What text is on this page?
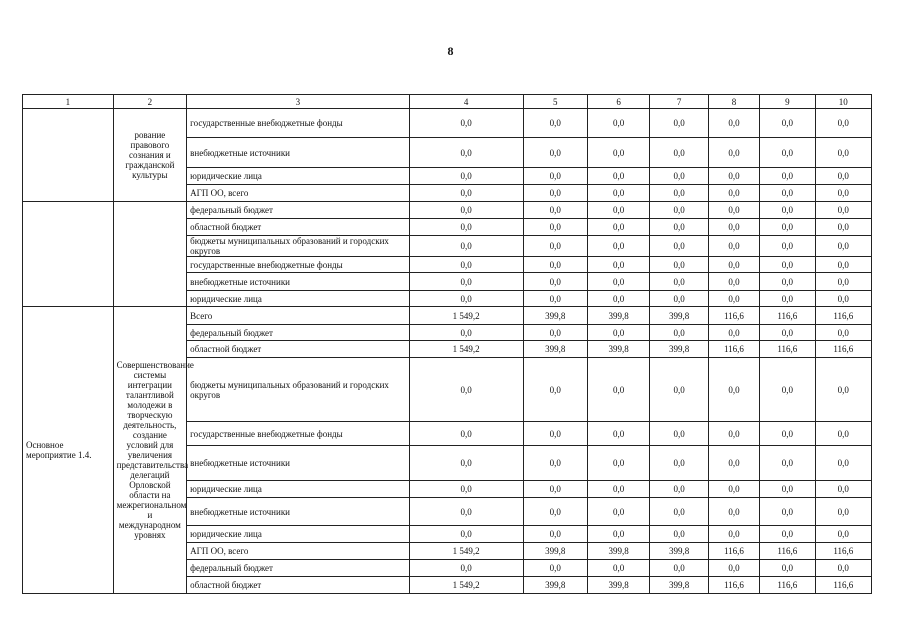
8
1	2	3	4	5	6	7	8	9	10
	рование правового сознания и гражданской культуры	государственные внебюджетные фонды	0,0	0,0	0,0	0,0	0,0	0,0	0,0
		внебюджетные источники	0,0	0,0	0,0	0,0	0,0	0,0	0,0
		юридические лица	0,0	0,0	0,0	0,0	0,0	0,0	0,0
		АГП ОО, всего	0,0	0,0	0,0	0,0	0,0	0,0	0,0
		федеральный бюджет	0,0	0,0	0,0	0,0	0,0	0,0	0,0
		областной бюджет	0,0	0,0	0,0	0,0	0,0	0,0	0,0
		бюджеты муниципальных образований и городских округов	0,0	0,0	0,0	0,0	0,0	0,0	0,0
		государственные внебюджетные фонды	0,0	0,0	0,0	0,0	0,0	0,0	0,0
		внебюджетные источники	0,0	0,0	0,0	0,0	0,0	0,0	0,0
		юридические лица	0,0	0,0	0,0	0,0	0,0	0,0	0,0
Основное мероприятие 1.4.	Совершенствование системы интеграции талантливой молодежи в творческую деятельность, создание условий для увеличения представительства делегаций Орловской области на межрегиональном и международном уровнях	Всего	1 549,2	399,8	399,8	399,8	116,6	116,6	116,6
		федеральный бюджет	0,0	0,0	0,0	0,0	0,0	0,0	0,0
		областной бюджет	1 549,2	399,8	399,8	399,8	116,6	116,6	116,6
		бюджеты муниципальных образований и городских округов	0,0	0,0	0,0	0,0	0,0	0,0	0,0
		государственные внебюджетные фонды	0,0	0,0	0,0	0,0	0,0	0,0	0,0
		внебюджетные источники	0,0	0,0	0,0	0,0	0,0	0,0	0,0
		юридические лица	0,0	0,0	0,0	0,0	0,0	0,0	0,0
		внебюджетные источники	0,0	0,0	0,0	0,0	0,0	0,0	0,0
		юридические лица	0,0	0,0	0,0	0,0	0,0	0,0	0,0
		АГП ОО, всего	1 549,2	399,8	399,8	399,8	116,6	116,6	116,6
		федеральный бюджет	0,0	0,0	0,0	0,0	0,0	0,0	0,0
		областной бюджет	1 549,2	399,8	399,8	399,8	116,6	116,6	116,6
